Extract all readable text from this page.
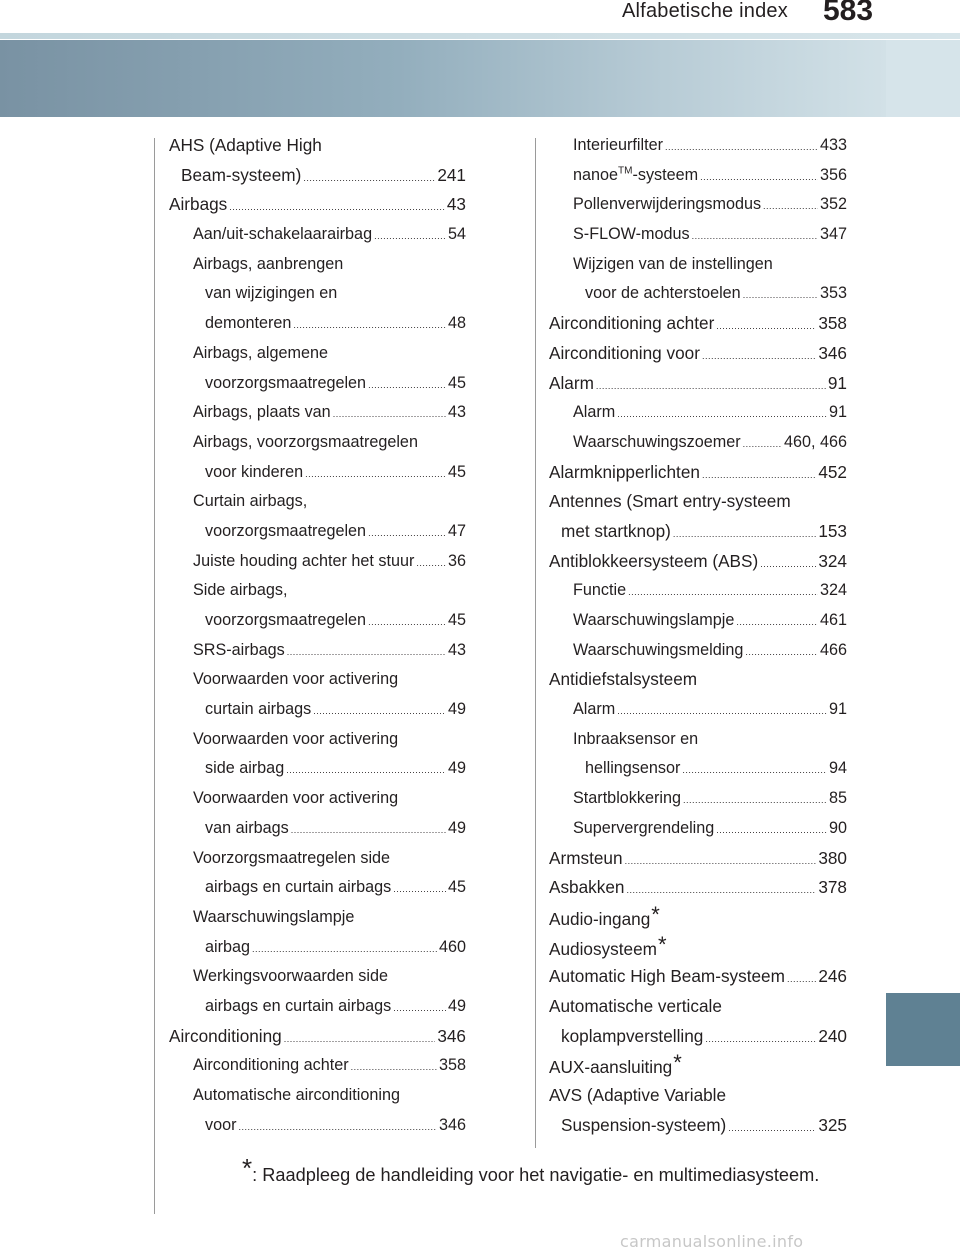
Alfabetische index 583
AHS (Adaptive High
Beam-systeem) .....	241
Airbags .....	43
Aan/uit-schakelaarairbag .....	54
Airbags, aanbrengen
van wijzigingen en
demonteren .....	48
Airbags, algemene
voorzorgsmaatregelen .....	45
Airbags, plaats van .....	43
Airbags, voorzorgsmaatregelen
voor kinderen .....	45
Curtain airbags,
voorzorgsmaatregelen .....	47
Juiste houding achter het stuur ..... 36
Side airbags,
voorzorgsmaatregelen .....	45
SRS-airbags .....	43
Voorwaarden voor activering
curtain airbags .....	49
Voorwaarden voor activering
side airbag .....	49
Voorwaarden voor activering
van airbags .....	49
Voorzorgsmaatregelen side
airbags en curtain airbags .....	45
Waarschuwingslampje
airbag .....	460
Werkingsvoorwaarden side
airbags en curtain airbags .....	49
Airconditioning .....	346
Airconditioning achter .....	358
Automatische airconditioning
voor .....	346
Interieurfilter .....	433
nanoe™-systeem .....	356
Pollenverwijderingsmodus .....	352
S-FLOW-modus .....	347
Wijzigen van de instellingen
voor de achterstoelen .....	353
Airconditioning achter .....	358
Airconditioning voor .....	346
Alarm .....	91
Alarm .....	91
Waarschuwingszoemer .....	460, 466
Alarmknipperlichten .....	452
Antennes (Smart entry-systeem
met startknop) .....	153
Antiblokkeersysteem (ABS) .....	324
Functie .....	324
Waarschuwingslampje .....	461
Waarschuwingsmelding .....	466
Antidiefstalsysteem
Alarm .....	91
Inbraaksensor en
hellingsensor .....	94
Startblokkering .....	85
Supervergrendeling .....	90
Armsteun .....	380
Asbakken .....	378
Audio-ingang*
Audiosysteem*
Automatic High Beam-systeem ..... 246
Automatische verticale
koplampverstelling .....	240
AUX-aansluiting*
AVS (Adaptive Variable
Suspension-systeem) .....	325
*: Raadpleeg de handleiding voor het navigatie- en multimediasysteem.
carmanualsonline.info
